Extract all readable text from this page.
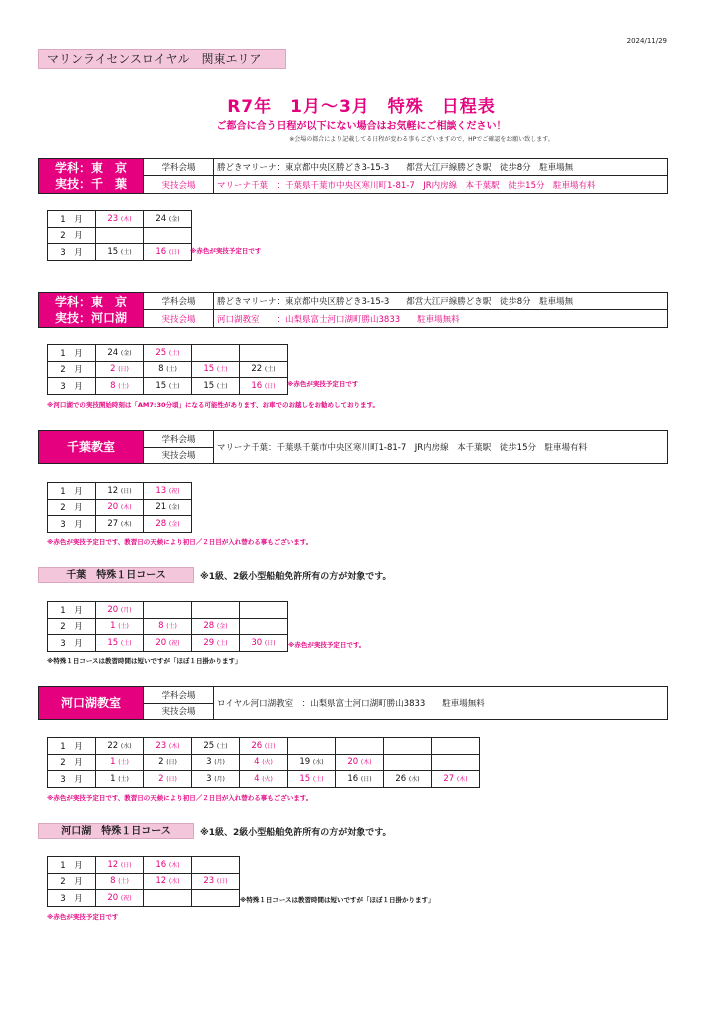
2024/11/29
マリンライセンスロイヤル　関東エリア
R7年　1月～3月　特殊　日程表
ご都合に合う日程が以下にない場合はお気軽にご相談ください！
※会場の都合により記載してる日程が変わる事もございますので、HPでご確認をお願い致します。
学科：東　京
実技：千　葉
学科会場	勝どきマリーナ：東京都中央区勝どき3-15-3　　都営大江戸線勝どき駅　徒歩8分　駐車場無
実技会場	マリーナ千葉　：千葉県千葉市中央区寒川町1-81-7　JR内房線　本千葉駅　徒歩15分　駐車場有料
1　月	23 (木)	24 (金)
2　月		
3　月	15 (土)	16 (日) ※赤色が実技予定日です
学科：東　京
実技：河口湖
学科会場	勝どきマリーナ：東京都中央区勝どき3-15-3　　都営大江戸線勝どき駅　徒歩8分　駐車場無
実技会場	河口湖教室　　：山梨県富士河口湖町勝山3833　　駐車場無料
1　月	24 (金)	25 (土)		
2　月	2 (日)	8 (土)	15 (土)	22 (土)
3　月	8 (土)	15 (土)	15 (土)	16 (日) ※赤色が実技予定日です
※河口湖での実技開始時刻は「AM7:30分頃」になる可能性があります、お車でのお越しをお勧めしております。
千葉教室
学科会場
実技会場
マリーナ千葉：千葉県千葉市中央区寒川町1-81-7　JR内房線　本千葉駅　徒歩15分　駐車場有料
1　月	12 (日)	13 (祝)
2　月	20 (木)	21 (金)
3　月	27 (木)	28 (金)
※赤色が実技予定日です、教習日の天候により初日／２日目が入れ替わる事もございます。
千葉　特殊１日コース	※1級、2級小型船舶免許所有の方が対象です。
1　月	20 (月)			
2　月	1 (土)	8 (土)	28 (金)	
3　月	15 (土)	20 (祝)	29 (土)	30 (日) ※赤色が実技予定日です。
※特殊１日コースは教習時間は短いですが「ほぼ１日掛かります」
河口湖教室
学科会場
実技会場
ロイヤル河口湖教室　：山梨県富士河口湖町勝山3833　　駐車場無料
1　月	22 (水)	23 (木)	25 (土)	26 (日)				
2　月	1 (土)	2 (日)	3 (月)	4 (火)	19 (水)	20 (木)		
3　月	1 (土)	2 (日)	3 (月)	4 (火)	15 (土)	16 (日)	26 (水)	27 (木)
※赤色が実技予定日です、教習日の天候により初日／２日目が入れ替わる事もございます。
河口湖　特殊１日コース	※1級、2級小型船舶免許所有の方が対象です。
1　月	12 (日)	16 (木)	
2　月	8 (土)	12 (水)	23 (日)
3　月	20 (祝)			※特殊１日コースは教習時間は短いですが「ほぼ１日掛かります」
※赤色が実技予定日です
